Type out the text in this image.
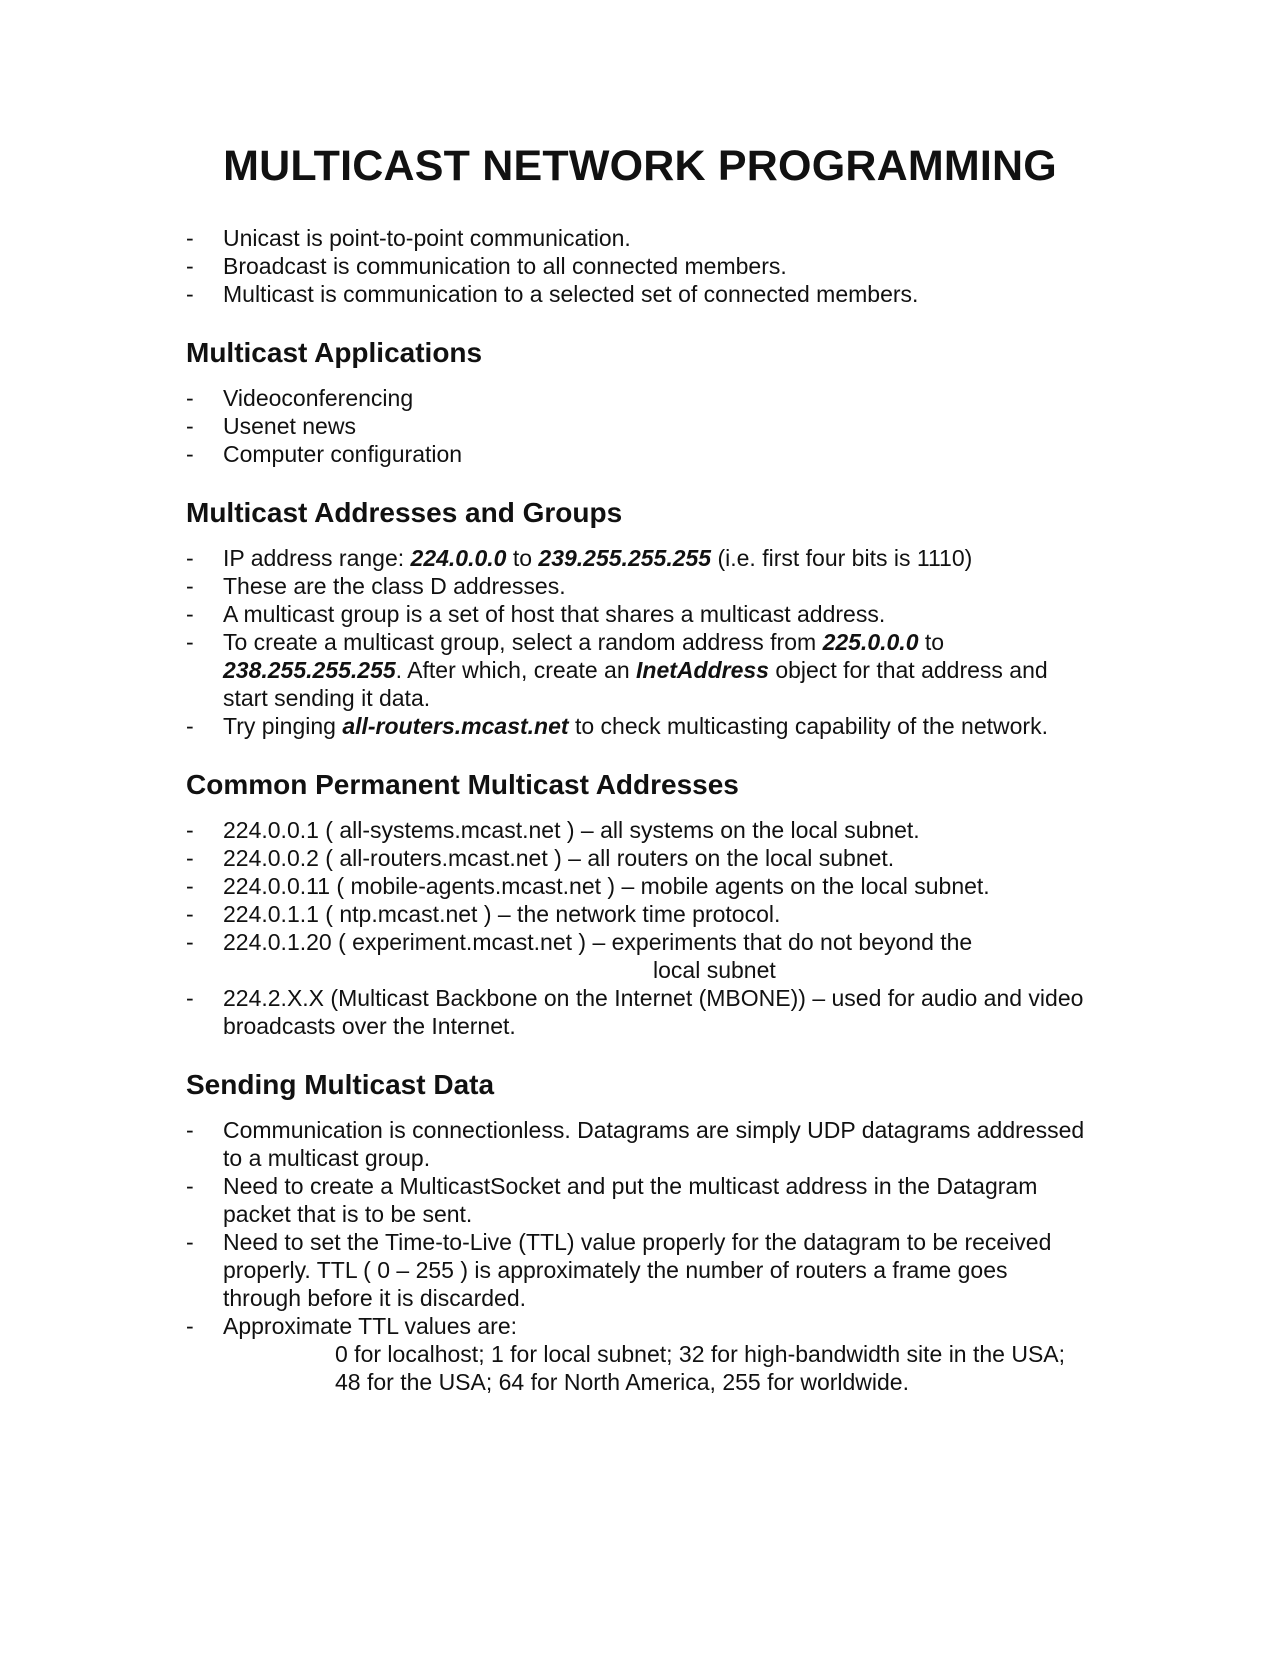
MULTICAST NETWORK PROGRAMMING
- Unicast is point-to-point communication.
- Broadcast is communication to all connected members.
- Multicast is communication to a selected set of connected members.
Multicast Applications
- Videoconferencing
- Usenet news
- Computer configuration
Multicast Addresses and Groups
- IP address range: 224.0.0.0 to 239.255.255.255 (i.e. first four bits is 1110)
- These are the class D addresses.
- A multicast group is a set of host that shares a multicast address.
- To create a multicast group, select a random address from 225.0.0.0 to 238.255.255.255. After which, create an InetAddress object for that address and start sending it data.
- Try pinging all-routers.mcast.net to check multicasting capability of the network.
Common Permanent Multicast Addresses
- 224.0.0.1 ( all-systems.mcast.net ) – all systems on the local subnet.
- 224.0.0.2 ( all-routers.mcast.net ) – all routers on the local subnet.
- 224.0.0.11 ( mobile-agents.mcast.net ) – mobile agents on the local subnet.
- 224.0.1.1 ( ntp.mcast.net ) – the network time protocol.
- 224.0.1.20 ( experiment.mcast.net ) – experiments that do not beyond the
local subnet
- 224.2.X.X (Multicast Backbone on the Internet (MBONE)) – used for audio and video broadcasts over the Internet.
Sending Multicast Data
- Communication is connectionless. Datagrams are simply UDP datagrams addressed to a multicast group.
- Need to create a MulticastSocket and put the multicast address in the Datagram packet that is to be sent.
- Need to set the Time-to-Live (TTL) value properly for the datagram to be received properly. TTL ( 0 – 255 ) is approximately the number of routers a frame goes through before it is discarded.
- Approximate TTL values are:
0 for localhost; 1 for local subnet; 32 for high-bandwidth site in the USA; 48 for the USA; 64 for North America, 255 for worldwide.
